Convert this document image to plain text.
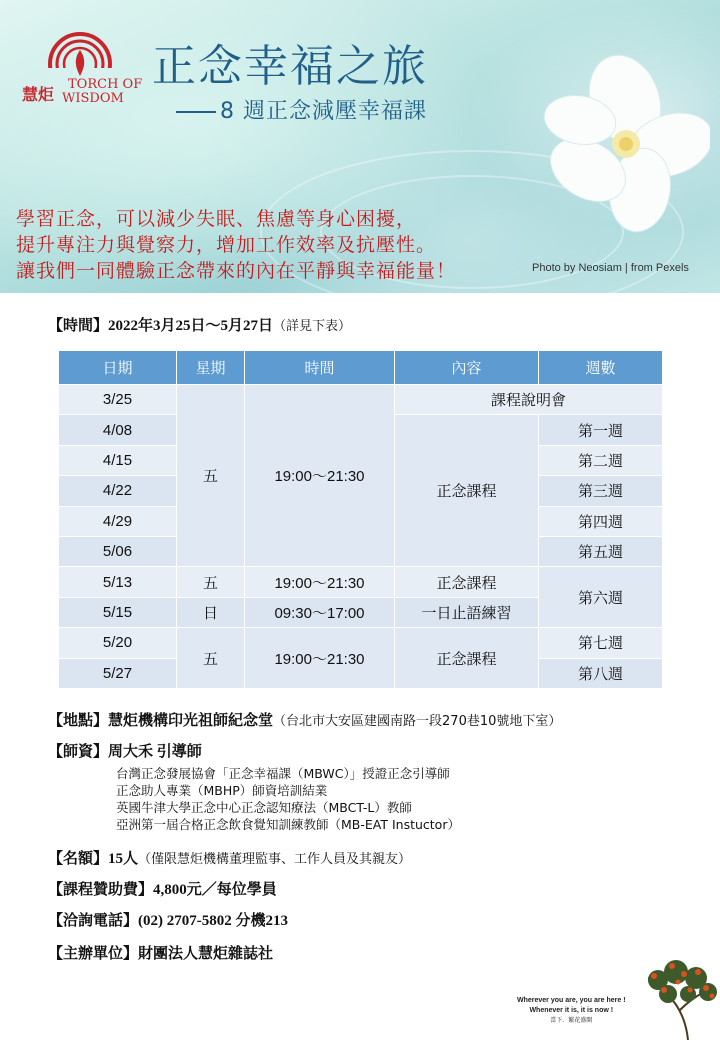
慧炬
TORCH OF
WISDOM
正念幸福之旅
8 週正念減壓幸福課
學習正念，可以減少失眠、焦慮等身心困擾，
提升專注力與覺察力，增加工作效率及抗壓性。
讓我們一同體驗正念帶來的內在平靜與幸福能量！	Photo by Neosiam | from Pexels
【時間】2022年3月25日～5月27日（詳見下表）
日期	星期	時間	內容	週數
3/25	五	19:00～21:30	課程說明會	
4/08			正念課程	第一週
4/15				第二週
4/22				第三週
4/29				第四週
5/06				第五週
5/13	五	19:00～21:30	正念課程	第六週
5/15	日	09:30～17:00	一日止語練習	
5/20	五	19:00～21:30	正念課程	第七週
5/27				第八週
【地點】慧炬機構印光祖師紀念堂（台北市大安區建國南路一段270巷10號地下室）
【師資】周大禾 引導師
台灣正念發展協會「正念幸福課（MBWC）」授證正念引導師
正念助人專業（MBHP）師資培訓結業
英國牛津大學正念中心正念認知療法（MBCT-L）教師
亞洲第一屆合格正念飲食覺知訓練教師（MB-EAT Instuctor）
【名額】15人（僅限慧炬機構董理監事、工作人員及其親友）
【課程贊助費】4,800元／每位學員
【洽詢電話】(02) 2707-5802 分機213
【主辦單位】財團法人慧炬雜誌社
Wherever you are, you are here !
Whenever it is, it is now !
當下．繁花盛開
